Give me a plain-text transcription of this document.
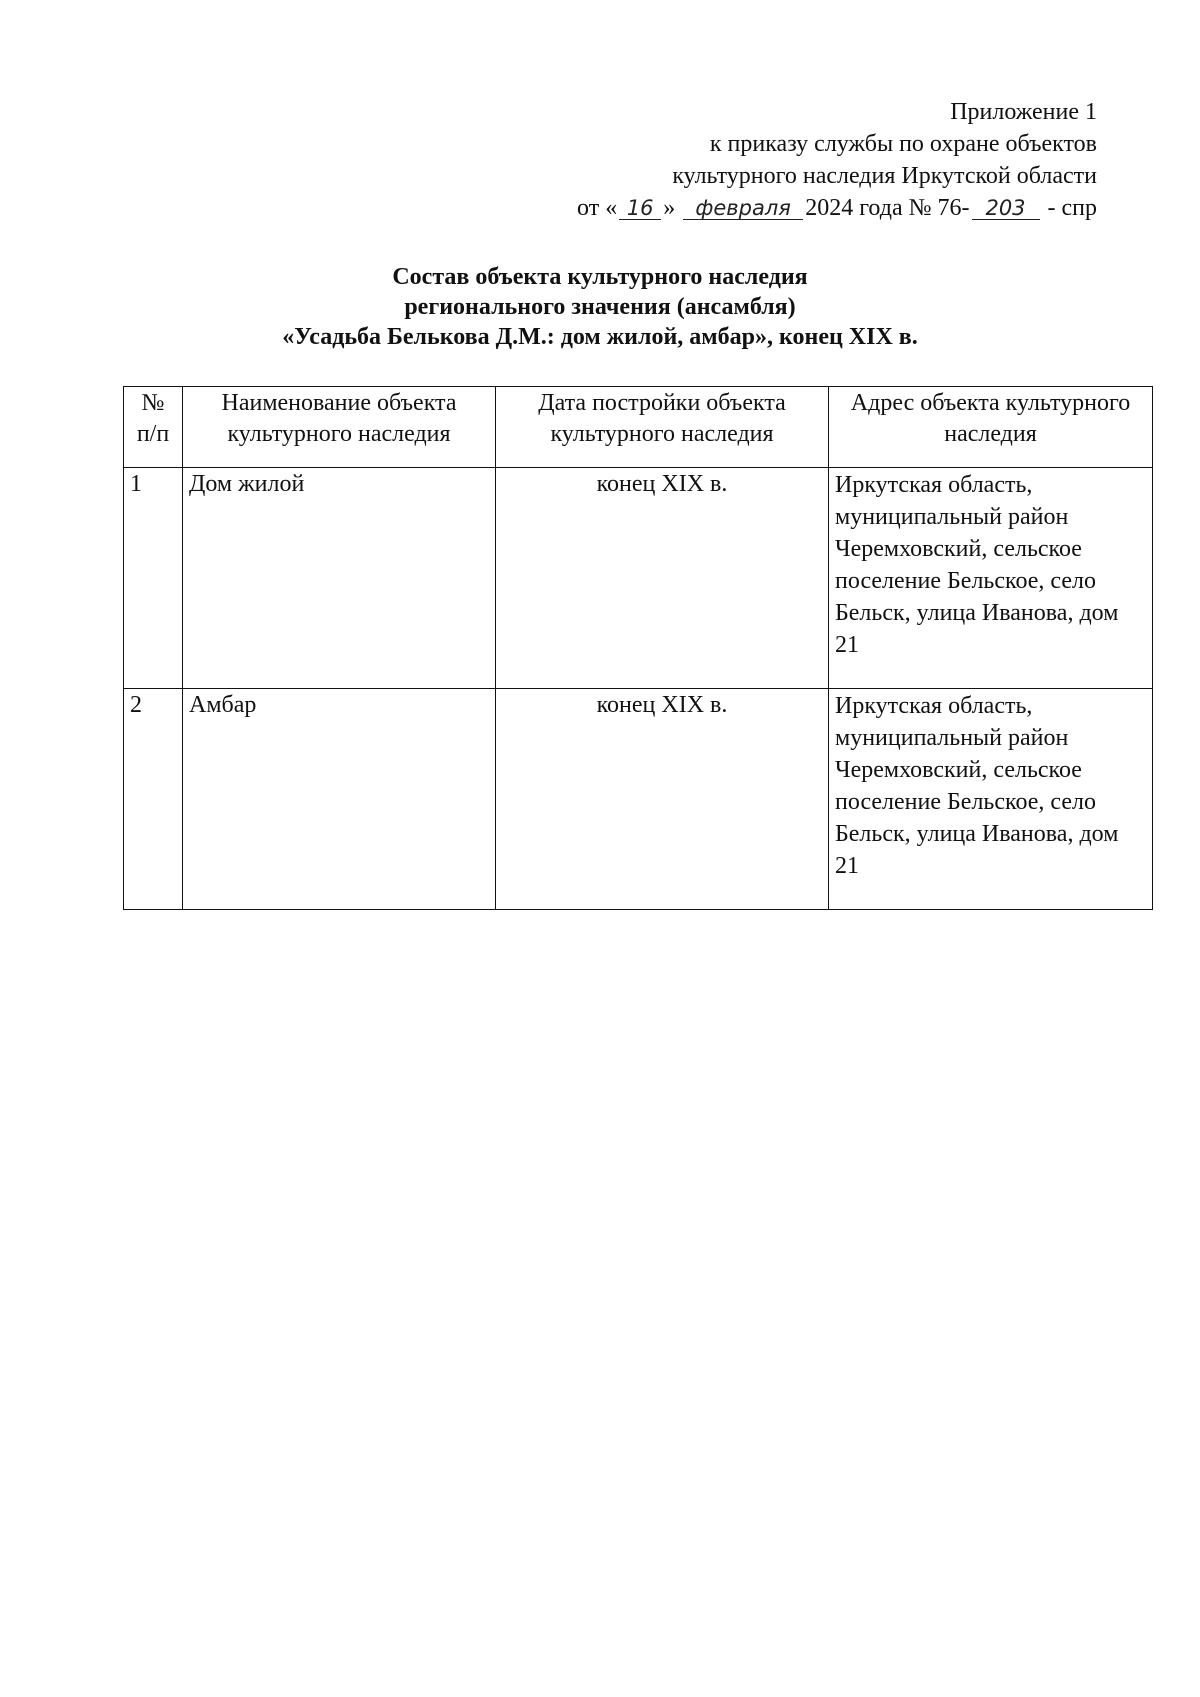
Приложение 1
к приказу службы по охране объектов
культурного наследия Иркутской области
от « 16 » февраля 2024 года № 76- 203 - спр
Состав объекта культурного наследия
регионального значения (ансамбля)
«Усадьба Белькова Д.М.: дом жилой, амбар», конец XIX в.
№ п/п	Наименование объекта культурного наследия	Дата постройки объекта культурного наследия	Адрес объекта культурного наследия
1	Дом жилой	конец XIX в.	Иркутская область, муниципальный район Черемховский, сельское поселение Бельское, село Бельск, улица Иванова, дом 21
2	Амбар	конец XIX в.	Иркутская область, муниципальный район Черемховский, сельское поселение Бельское, село Бельск, улица Иванова, дом 21
